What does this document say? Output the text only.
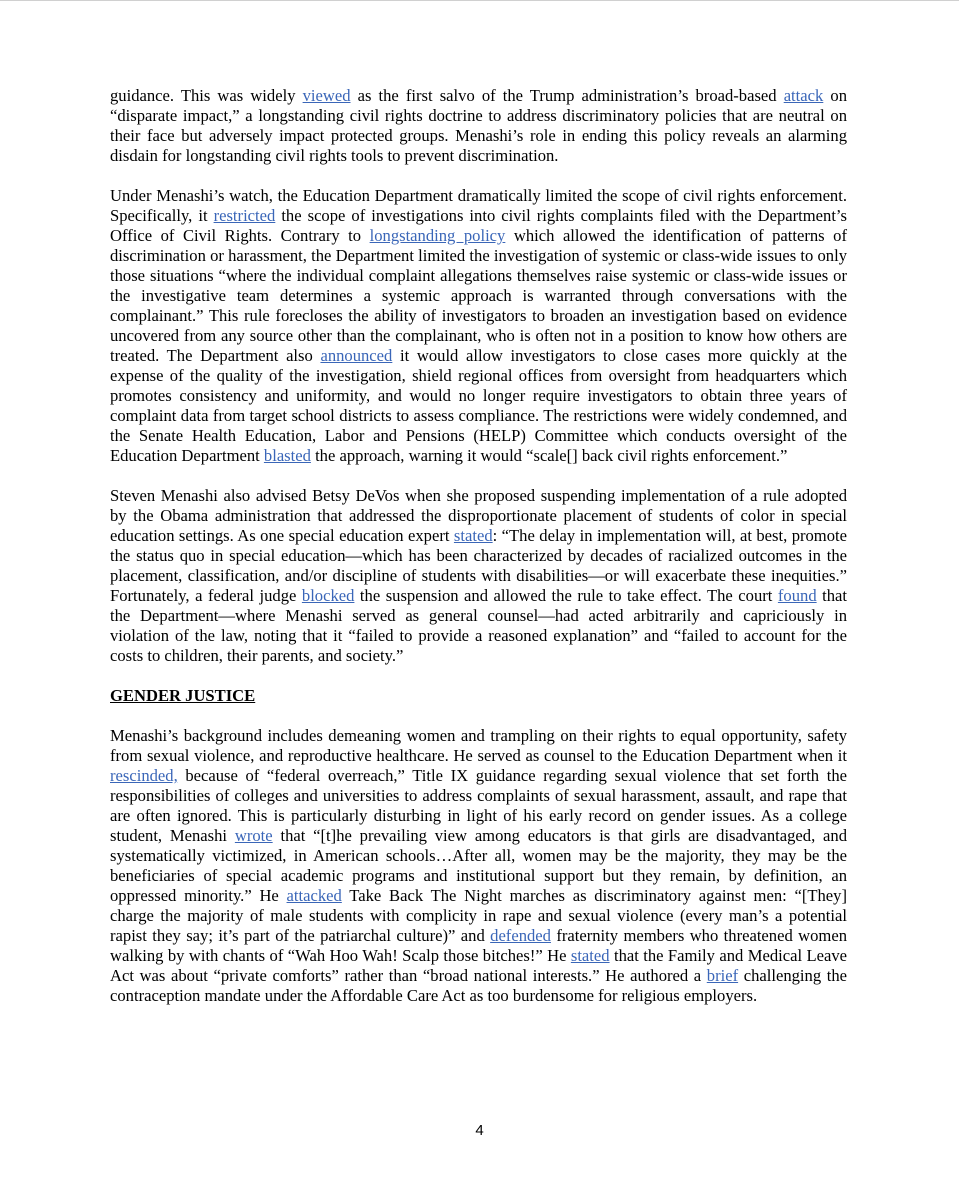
guidance. This was widely viewed as the first salvo of the Trump administration’s broad-based attack on “disparate impact,” a longstanding civil rights doctrine to address discriminatory policies that are neutral on their face but adversely impact protected groups. Menashi’s role in ending this policy reveals an alarming disdain for longstanding civil rights tools to prevent discrimination.

Under Menashi’s watch, the Education Department dramatically limited the scope of civil rights enforcement. Specifically, it restricted the scope of investigations into civil rights complaints filed with the Department’s Office of Civil Rights. Contrary to longstanding policy which allowed the identification of patterns of discrimination or harassment, the Department limited the investigation of systemic or class-wide issues to only those situations “where the individual complaint allegations themselves raise systemic or class-wide issues or the investigative team determines a systemic approach is warranted through conversations with the complainant.” This rule forecloses the ability of investigators to broaden an investigation based on evidence uncovered from any source other than the complainant, who is often not in a position to know how others are treated. The Department also announced it would allow investigators to close cases more quickly at the expense of the quality of the investigation, shield regional offices from oversight from headquarters which promotes consistency and uniformity, and would no longer require investigators to obtain three years of complaint data from target school districts to assess compliance. The restrictions were widely condemned, and the Senate Health Education, Labor and Pensions (HELP) Committee which conducts oversight of the Education Department blasted the approach, warning it would “scale[] back civil rights enforcement.”

Steven Menashi also advised Betsy DeVos when she proposed suspending implementation of a rule adopted by the Obama administration that addressed the disproportionate placement of students of color in special education settings. As one special education expert stated: “The delay in implementation will, at best, promote the status quo in special education—which has been characterized by decades of racialized outcomes in the placement, classification, and/or discipline of students with disabilities—or will exacerbate these inequities.” Fortunately, a federal judge blocked the suspension and allowed the rule to take effect. The court found that the Department—where Menashi served as general counsel—had acted arbitrarily and capriciously in violation of the law, noting that it “failed to provide a reasoned explanation” and “failed to account for the costs to children, their parents, and society.”

GENDER JUSTICE

Menashi’s background includes demeaning women and trampling on their rights to equal opportunity, safety from sexual violence, and reproductive healthcare. He served as counsel to the Education Department when it rescinded, because of “federal overreach,” Title IX guidance regarding sexual violence that set forth the responsibilities of colleges and universities to address complaints of sexual harassment, assault, and rape that are often ignored. This is particularly disturbing in light of his early record on gender issues. As a college student, Menashi wrote that “[t]he prevailing view among educators is that girls are disadvantaged, and systematically victimized, in American schools…After all, women may be the majority, they may be the beneficiaries of special academic programs and institutional support but they remain, by definition, an oppressed minority.” He attacked Take Back The Night marches as discriminatory against men: “[They] charge the majority of male students with complicity in rape and sexual violence (every man’s a potential rapist they say; it’s part of the patriarchal culture)” and defended fraternity members who threatened women walking by with chants of “Wah Hoo Wah! Scalp those bitches!” He stated that the Family and Medical Leave Act was about “private comforts” rather than “broad national interests.” He authored a brief challenging the contraception mandate under the Affordable Care Act as too burdensome for religious employers.

4
